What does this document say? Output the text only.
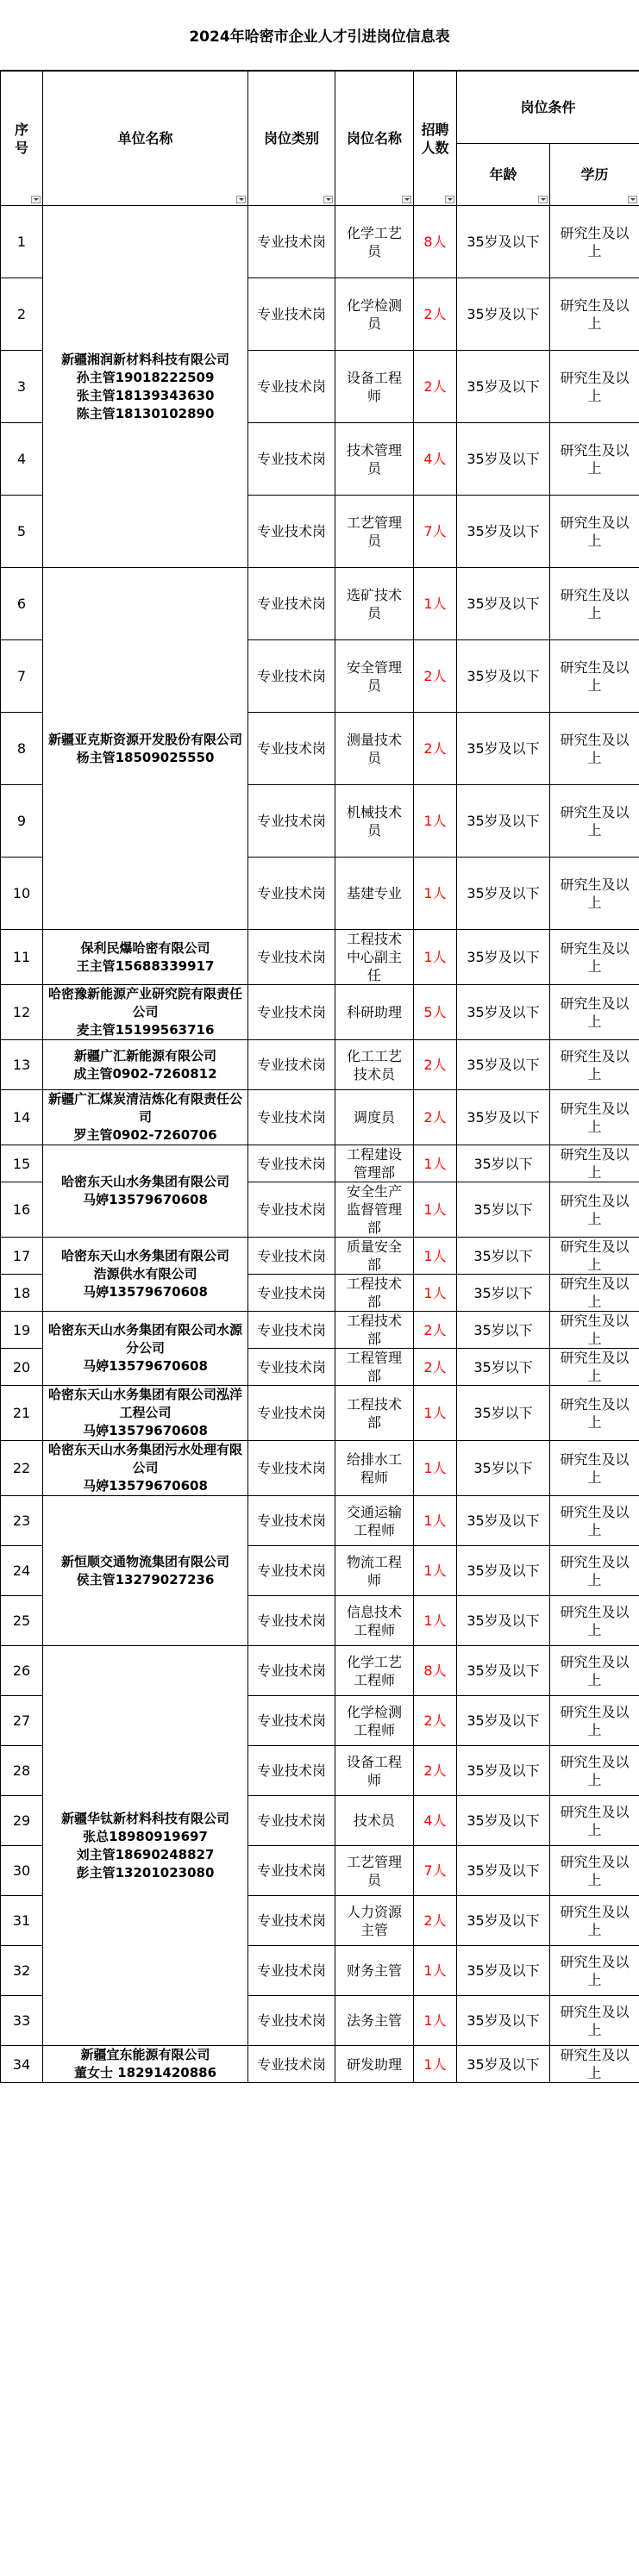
2024年哈密市企业人才引进岗位信息表
序号	单位名称	岗位类别	岗位名称	招聘人数	岗位条件	
					年龄	学历

1	新疆湘润新材料科技有限公司
孙主管19018222509
张主管18139343630
陈主管18130102890	专业技术岗	化学工艺员	8人	35岁及以下	研究生及以上
2		专业技术岗	化学检测员	2人	35岁及以下	研究生及以上
3		专业技术岗	设备工程师	2人	35岁及以下	研究生及以上
4		专业技术岗	技术管理员	4人	35岁及以下	研究生及以上
5		专业技术岗	工艺管理员	7人	35岁及以下	研究生及以上
6	新疆亚克斯资源开发股份有限公司
杨主管18509025550	专业技术岗	选矿技术员	1人	35岁及以下	研究生及以上
7		专业技术岗	安全管理员	2人	35岁及以下	研究生及以上
8		专业技术岗	测量技术员	2人	35岁及以下	研究生及以上
9		专业技术岗	机械技术员	1人	35岁及以下	研究生及以上
10		专业技术岗	基建专业	1人	35岁及以下	研究生及以上
11	保利民爆哈密有限公司
王主管15688339917	专业技术岗	工程技术中心副主任	1人	35岁及以下	研究生及以上
12	哈密豫新能源产业研究院有限责任公司
麦主管15199563716	专业技术岗	科研助理	5人	35岁及以下	研究生及以上
13	新疆广汇新能源有限公司
成主管0902-7260812	专业技术岗	化工工艺技术员	2人	35岁及以下	研究生及以上
14	新疆广汇煤炭清洁炼化有限责任公司
罗主管0902-7260706	专业技术岗	调度员	2人	35岁及以下	研究生及以上
15	哈密东天山水务集团有限公司
马婷13579670608	专业技术岗	工程建设管理部	1人	35岁以下	研究生及以上
16		专业技术岗	安全生产监督管理部	1人	35岁以下	研究生及以上
17	哈密东天山水务集团有限公司
浩源供水有限公司
马婷13579670608	专业技术岗	质量安全部	1人	35岁以下	研究生及以上
18		专业技术岗	工程技术部	1人	35岁以下	研究生及以上
19	哈密东天山水务集团有限公司水源分公司
马婷13579670608	专业技术岗	工程技术部	2人	35岁以下	研究生及以上
20		专业技术岗	工程管理部	2人	35岁以下	研究生及以上
21	哈密东天山水务集团有限公司泓洋工程公司
马婷13579670608	专业技术岗	工程技术部	1人	35岁以下	研究生及以上
22	哈密东天山水务集团污水处理有限公司
马婷13579670608	专业技术岗	给排水工程师	1人	35岁以下	研究生及以上
23	新恒顺交通物流集团有限公司
侯主管13279027236	专业技术岗	交通运输工程师	1人	35岁及以下	研究生及以上
24		专业技术岗	物流工程师	1人	35岁及以下	研究生及以上
25		专业技术岗	信息技术工程师	1人	35岁及以下	研究生及以上
26	新疆华钛新材料科技有限公司
张总18980919697
刘主管18690248827
彭主管13201023080	专业技术岗	化学工艺工程师	8人	35岁及以下	研究生及以上
27		专业技术岗	化学检测工程师	2人	35岁及以下	研究生及以上
28		专业技术岗	设备工程师	2人	35岁及以下	研究生及以上
29		专业技术岗	技术员	4人	35岁及以下	研究生及以上
30		专业技术岗	工艺管理员	7人	35岁及以下	研究生及以上
31		专业技术岗	人力资源主管	2人	35岁及以下	研究生及以上
32		专业技术岗	财务主管	1人	35岁及以下	研究生及以上
33		专业技术岗	法务主管	1人	35岁及以下	研究生及以上
34	新疆宜东能源有限公司
董女士 18291420886	专业技术岗	研发助理	1人	35岁及以下	研究生及以上
